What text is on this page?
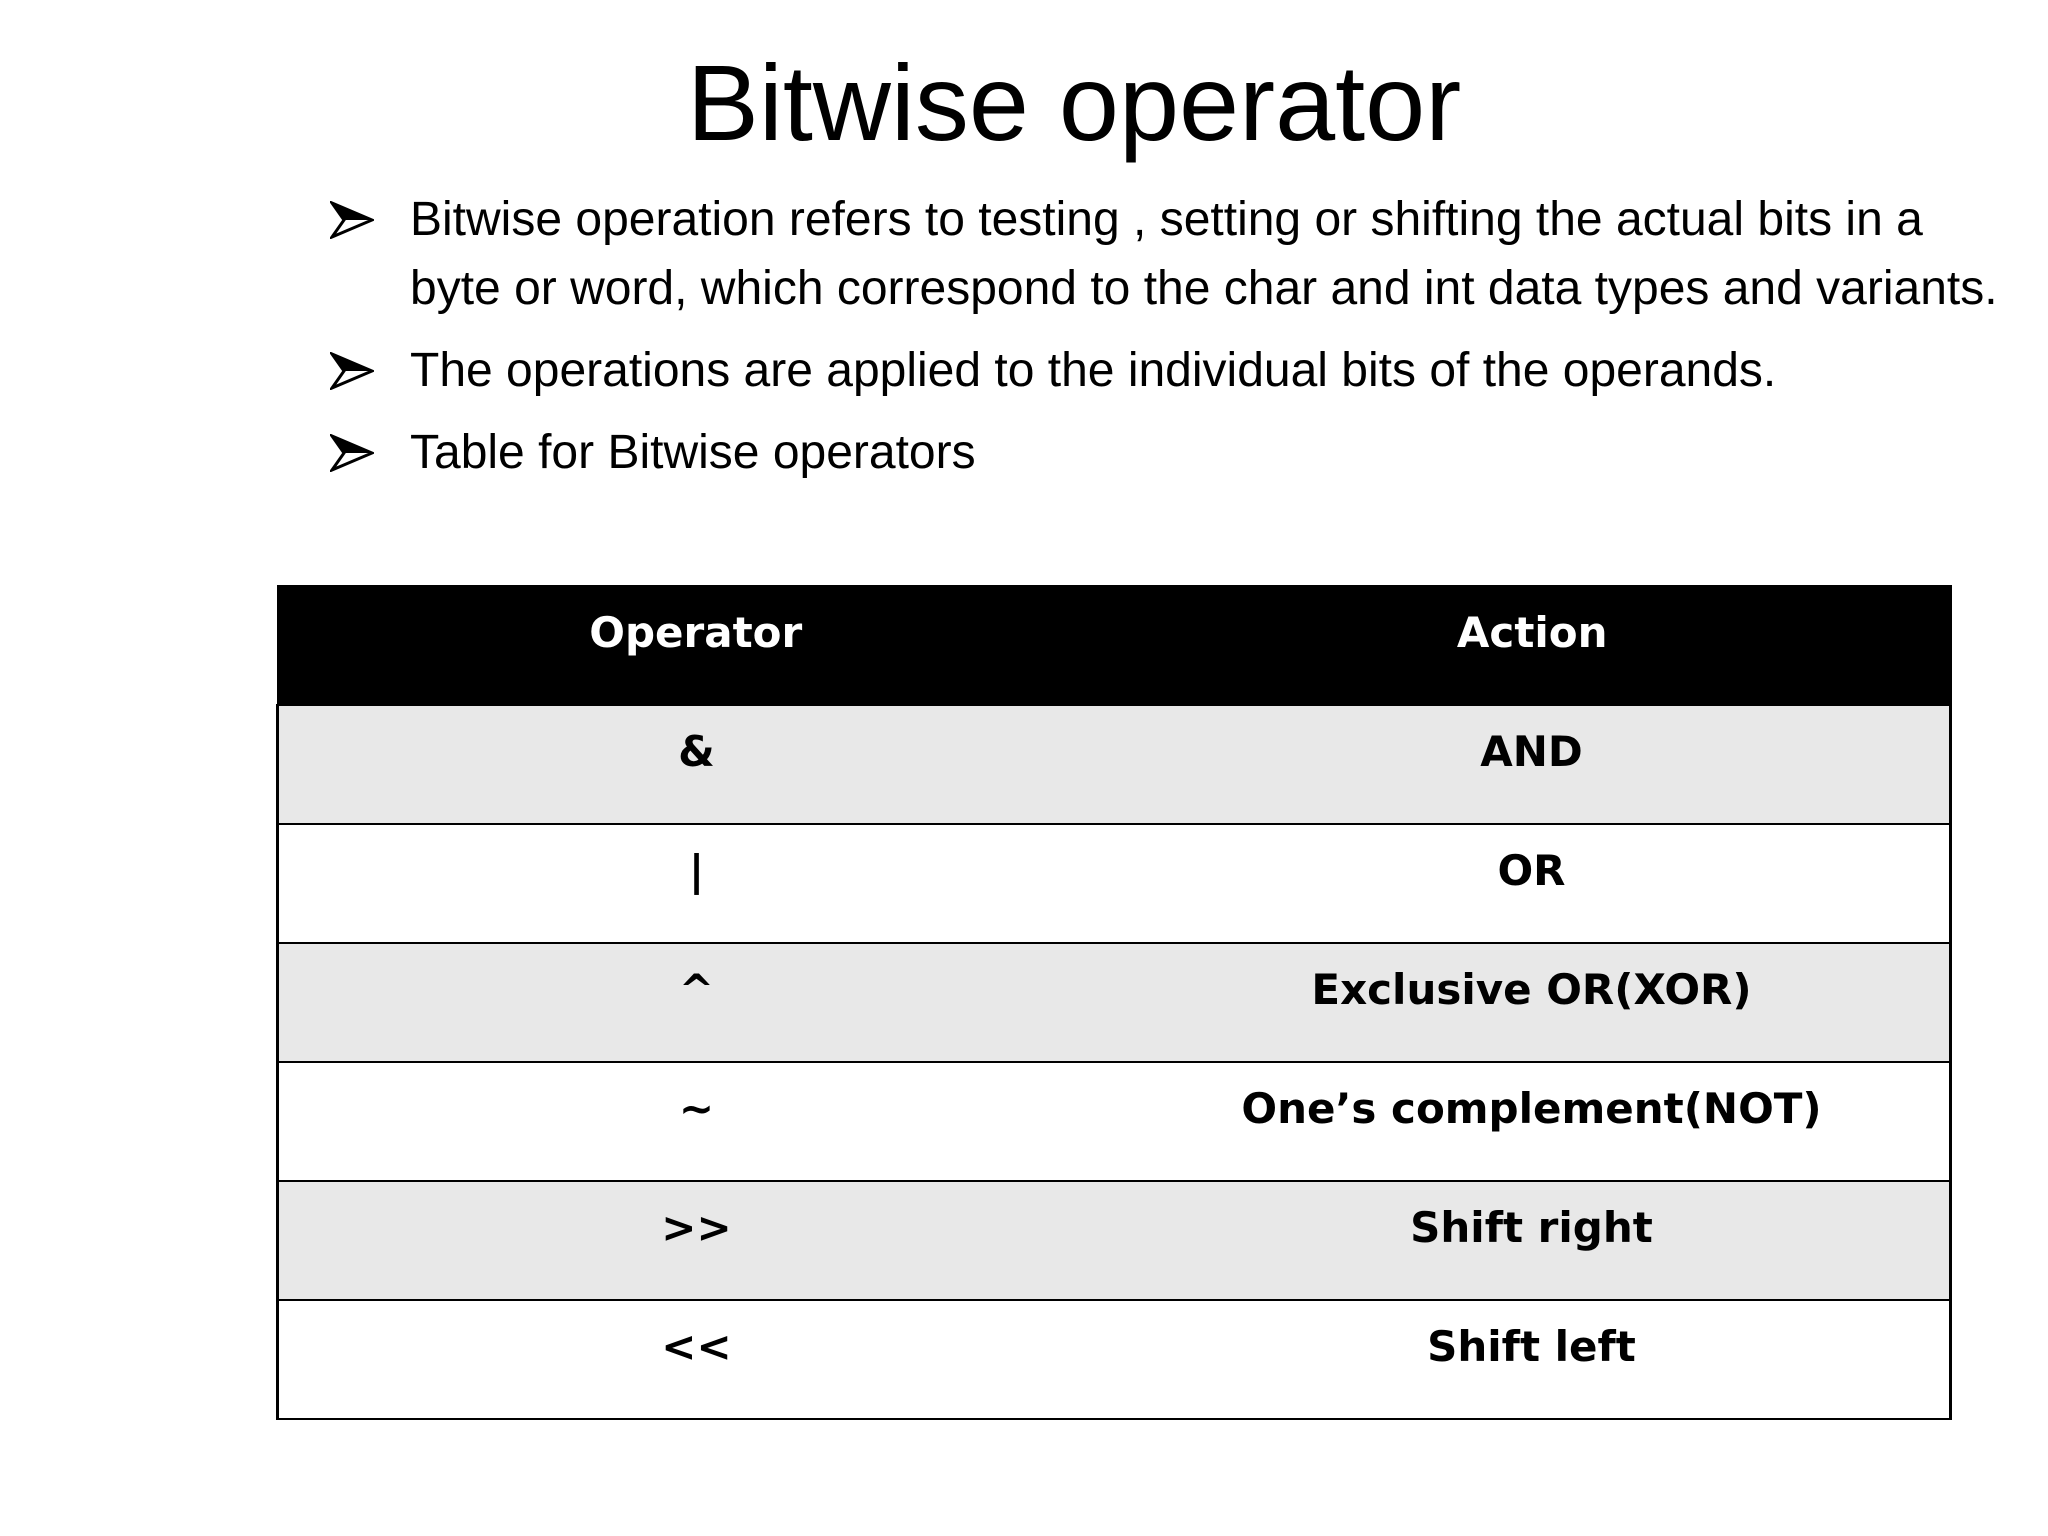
Bitwise operator
Bitwise operation refers to testing , setting or shifting the actual bits in a byte or word, which correspond to the char and int data types and variants.
The operations are applied to the individual bits of the operands.
Table for Bitwise operators
Operator	Action
&	AND
|	OR
^	Exclusive OR(XOR)
~	One’s complement(NOT)
>>	Shift right
<<	Shift left
